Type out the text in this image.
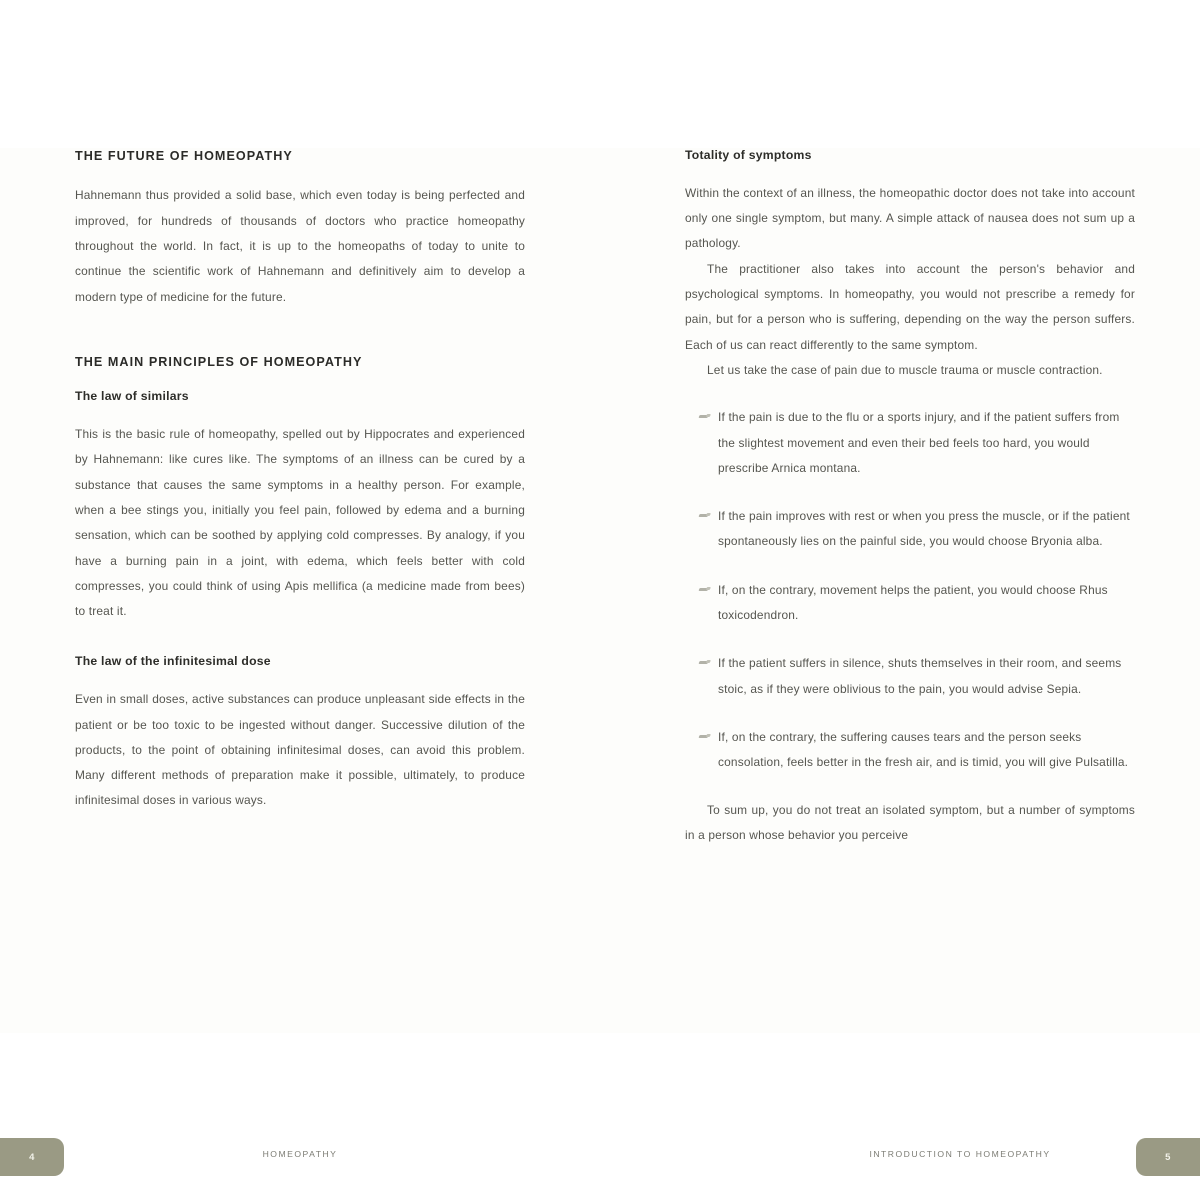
THE FUTURE OF HOMEOPATHY

Hahnemann thus provided a solid base, which even today is being perfected and improved, for hundreds of thousands of doctors who practice homeopathy throughout the world. In fact, it is up to the homeopaths of today to unite to continue the scientific work of Hahnemann and definitively aim to develop a modern type of medicine for the future.

THE MAIN PRINCIPLES OF HOMEOPATHY
The law of similars

This is the basic rule of homeopathy, spelled out by Hippocrates and experienced by Hahnemann: like cures like. The symptoms of an illness can be cured by a substance that causes the same symptoms in a healthy person. For example, when a bee stings you, initially you feel pain, followed by edema and a burning sensation, which can be soothed by applying cold compresses. By analogy, if you have a burning pain in a joint, with edema, which feels better with cold compresses, you could think of using Apis mellifica (a medicine made from bees) to treat it.

The law of the infinitesimal dose

Even in small doses, active substances can produce unpleasant side effects in the patient or be too toxic to be ingested without danger. Successive dilution of the products, to the point of obtaining infinitesimal doses, can avoid this problem. Many different methods of preparation make it possible, ultimately, to produce infinitesimal doses in various ways.

Totality of symptoms

Within the context of an illness, the homeopathic doctor does not take into account only one single symptom, but many. A simple attack of nausea does not sum up a pathology.

The practitioner also takes into account the person's behavior and psychological symptoms. In homeopathy, you would not prescribe a remedy for pain, but for a person who is suffering, depending on the way the person suffers. Each of us can react differently to the same symptom.

Let us take the case of pain due to muscle trauma or muscle contraction.

If the pain is due to the flu or a sports injury, and if the patient suffers from the slightest movement and even their bed feels too hard, you would prescribe Arnica montana.
If the pain improves with rest or when you press the muscle, or if the patient spontaneously lies on the painful side, you would choose Bryonia alba.
If, on the contrary, movement helps the patient, you would choose Rhus toxicodendron.
If the patient suffers in silence, shuts themselves in their room, and seems stoic, as if they were oblivious to the pain, you would advise Sepia.
If, on the contrary, the suffering causes tears and the person seeks consolation, feels better in the fresh air, and is timid, you will give Pulsatilla.

To sum up, you do not treat an isolated symptom, but a number of symptoms in a person whose behavior you perceive

4	HOMEOPATHY	INTRODUCTION TO HOMEOPATHY	5
